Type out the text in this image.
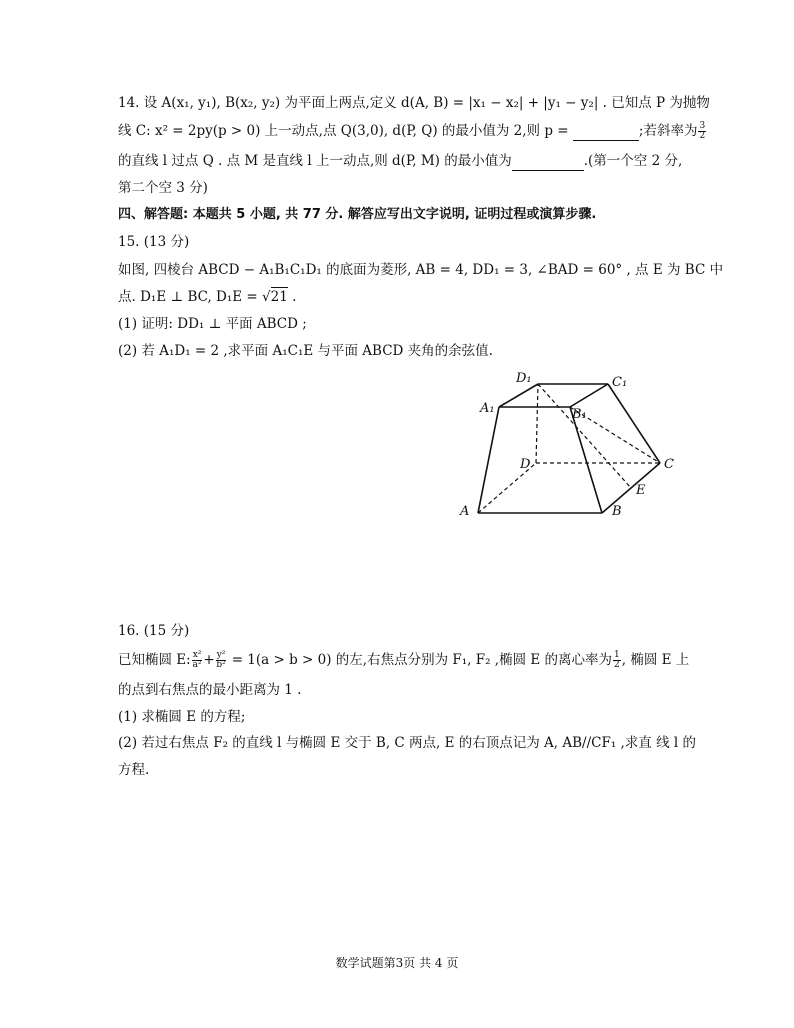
14. 设 A(x₁, y₁), B(x₂, y₂) 为平面上两点,定义 d(A, B) = |x₁ − x₂| + |y₁ − y₂| . 已知点 P 为抛物
线 C: x² = 2py(p > 0) 上一动点,点 Q(3,0), d(P, Q) 的最小值为 2,则 p =	;若斜率为 $\frac{3}{2}$
的直线 l 过点 Q . 点 M 是直线 l 上一动点,则 d(P, M) 的最小值为	.(第一个空 2 分,
第二个空 3 分)
四、解答题: 本题共 5 小题, 共 77 分. 解答应写出文字说明, 证明过程或演算步骤.
15. (13 分)
如图, 四棱台 ABCD − A₁B₁C₁D₁ 的底面为菱形, AB = 4, DD₁ = 3, ∠BAD = 60° , 点 E 为 BC 中
点. D₁E ⊥ BC, D₁E = √21 .
(1) 证明: DD₁ ⊥ 平面 ABCD ;
(2) 若 A₁D₁ = 2 ,求平面 A₁C₁E 与平面 ABCD 夹角的余弦值.
A	B
C
D
E
A₁	B₁
C₁
D₁
16. (15 分)
已知椭圆 E: $\frac{\text{x²}}{\text{a²}} + \frac{\text{y²}}{\text{b²}} = 1(a > b > 0)$ 的左,右焦点分别为 F₁, F₂ ,椭圆 E 的离心率为 $\frac{1}{2}$ , 椭圆 E 上
的点到右焦点的最小距离为 1 .
(1) 求椭圆 E 的方程;
(2) 若过右焦点 F₂ 的直线 l 与椭圆 E 交于 B, C 两点, E 的右顶点记为 A, AB//CF₁ ,求直 线 l 的
方程.
数学试题第3页 共 4 页
